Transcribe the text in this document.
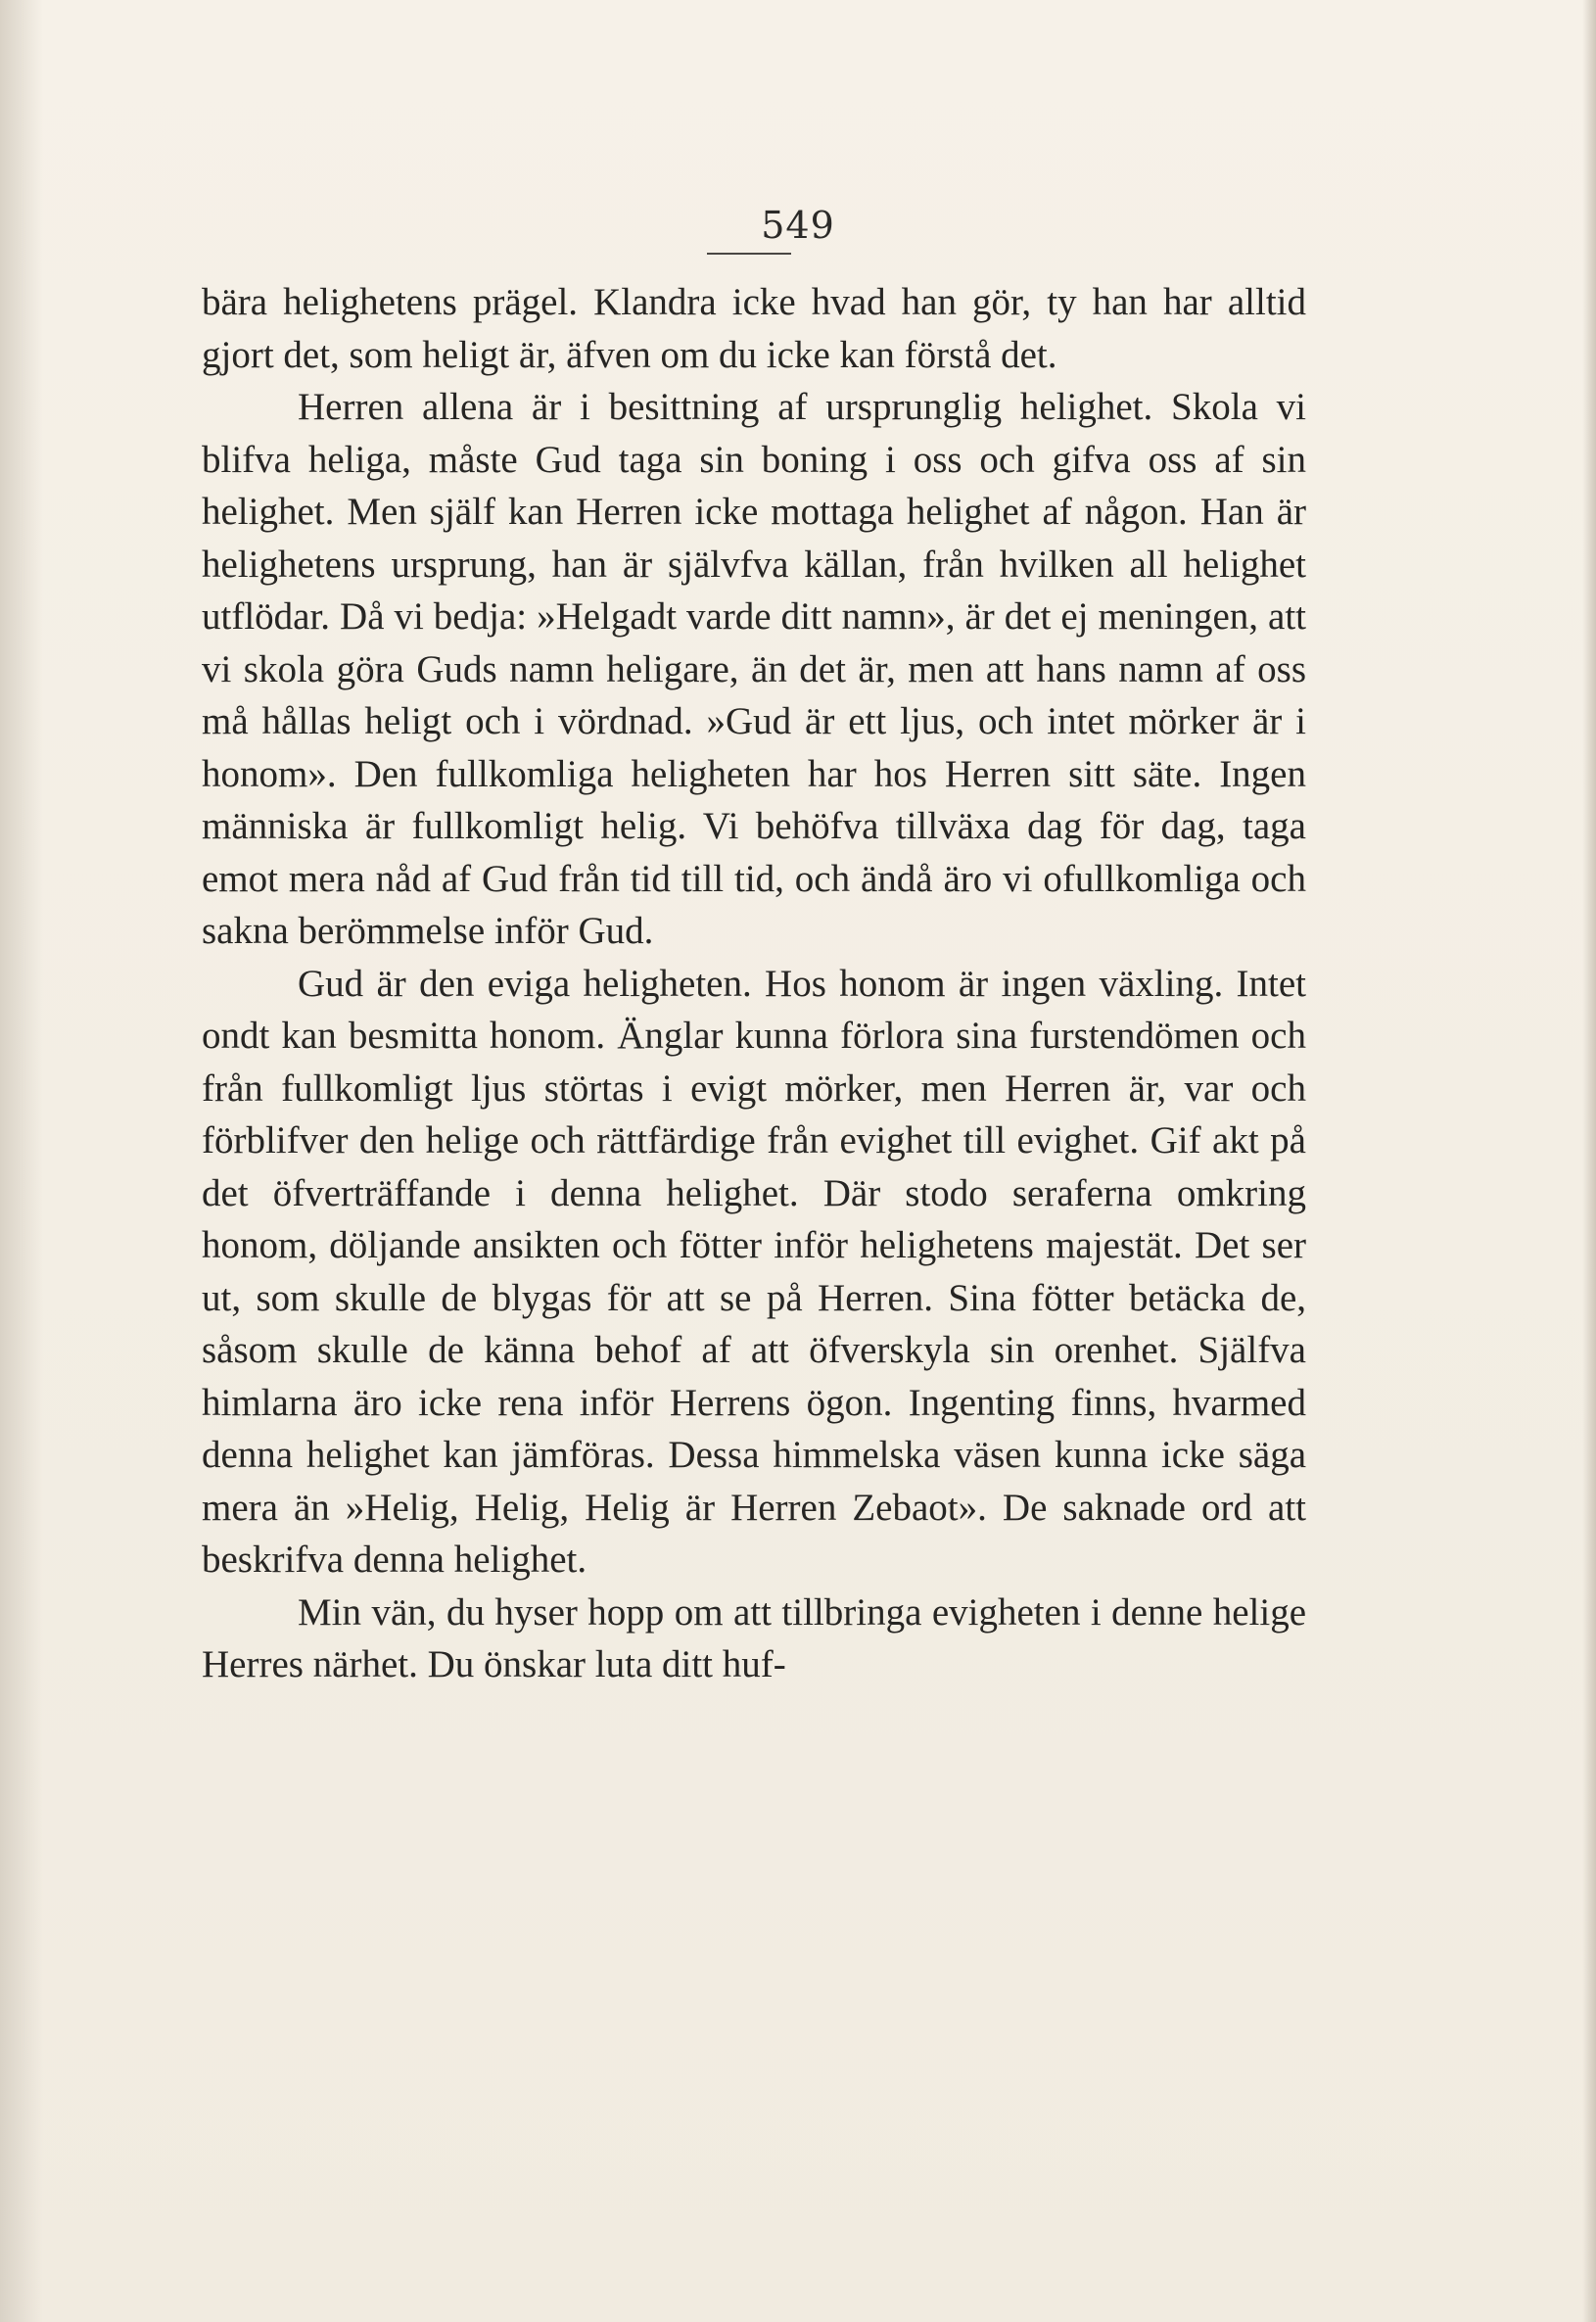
549

bära helighetens prägel. Klandra icke hvad han gör, ty han har alltid gjort det, som heligt är, äfven om du icke kan förstå det.

Herren allena är i besittning af ursprunglig helighet. Skola vi blifva heliga, måste Gud taga sin boning i oss och gifva oss af sin helighet. Men själf kan Herren icke mottaga helighet af någon. Han är helighetens ursprung, han är självfva källan, från hvilken all helighet utflödar. Då vi bedja: »Helgadt varde ditt namn», är det ej meningen, att vi skola göra Guds namn heligare, än det är, men att hans namn af oss må hållas heligt och i vördnad. »Gud är ett ljus, och intet mörker är i honom». Den fullkomliga heligheten har hos Herren sitt säte. Ingen människa är fullkomligt helig. Vi behöfva tillväxa dag för dag, taga emot mera nåd af Gud från tid till tid, och ändå äro vi ofullkomliga och sakna berömmelse inför Gud.

Gud är den eviga heligheten. Hos honom är ingen växling. Intet ondt kan besmitta honom. Änglar kunna förlora sina furstendömen och från fullkomligt ljus störtas i evigt mörker, men Herren är, var och förblifver den helige och rättfärdige från evighet till evighet. Gif akt på det öfverträffande i denna helighet. Där stodo seraferna omkring honom, döljande ansikten och fötter inför helighetens majestät. Det ser ut, som skulle de blygas för att se på Herren. Sina fötter betäcka de, såsom skulle de känna behof af att öfverskyla sin orenhet. Själfva himlarna äro icke rena inför Herrens ögon. Ingenting finns, hvarmed denna helighet kan jämföras. Dessa himmelska väsen kunna icke säga mera än »Helig, Helig, Helig är Herren Zebaot». De saknade ord att beskrifva denna helighet.

Min vän, du hyser hopp om att tillbringa evigheten i denne helige Herres närhet. Du önskar luta ditt huf-
